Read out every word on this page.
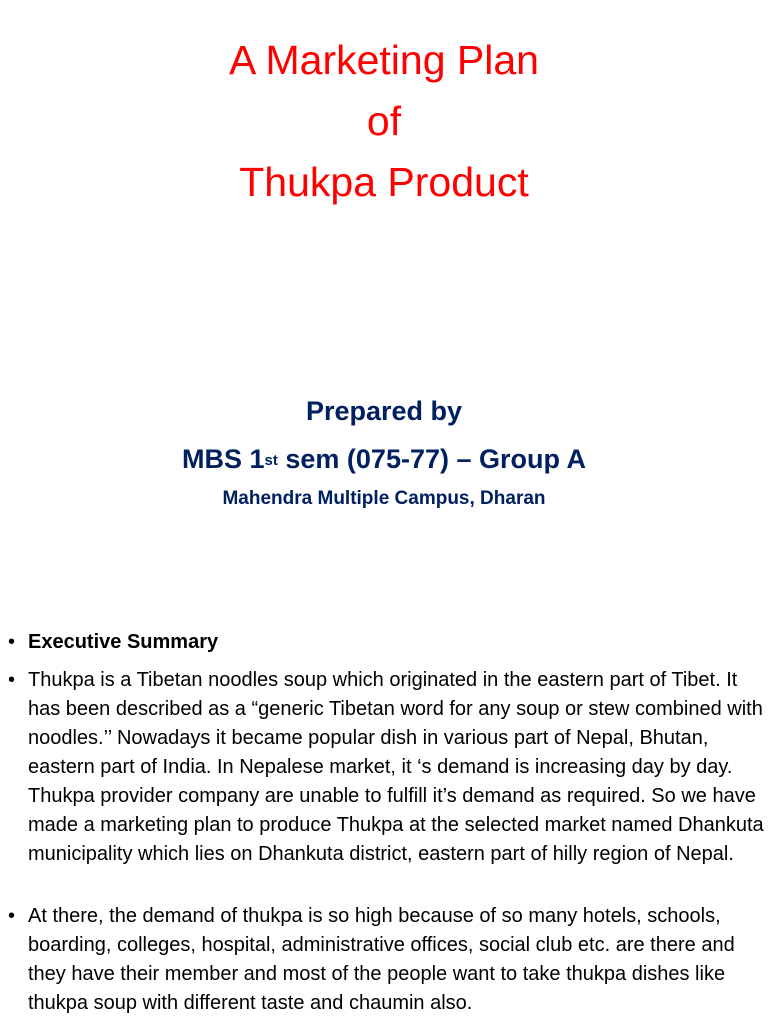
A Marketing Plan
of
Thukpa Product
Prepared by
MBS 1st sem (075-77) – Group A
Mahendra Multiple Campus, Dharan
• Executive Summary
• Thukpa is a Tibetan noodles soup which originated in the eastern part of Tibet. It has been described as a “generic Tibetan word for any soup or stew combined with noodles.’’ Nowadays it became popular dish in various part of Nepal, Bhutan, eastern part of India. In Nepalese market, it ‘s demand is increasing day by day. Thukpa provider company are unable to fulfill it’s demand as required. So we have made a marketing plan to produce Thukpa at the selected market named Dhankuta municipality which lies on Dhankuta district, eastern part of hilly region of Nepal.
• At there, the demand of thukpa is so high because of so many hotels, schools, boarding, colleges, hospital, administrative offices, social club etc. are there and they have their member and most of the people want to take thukpa dishes like thukpa soup with different taste and chaumin also.
